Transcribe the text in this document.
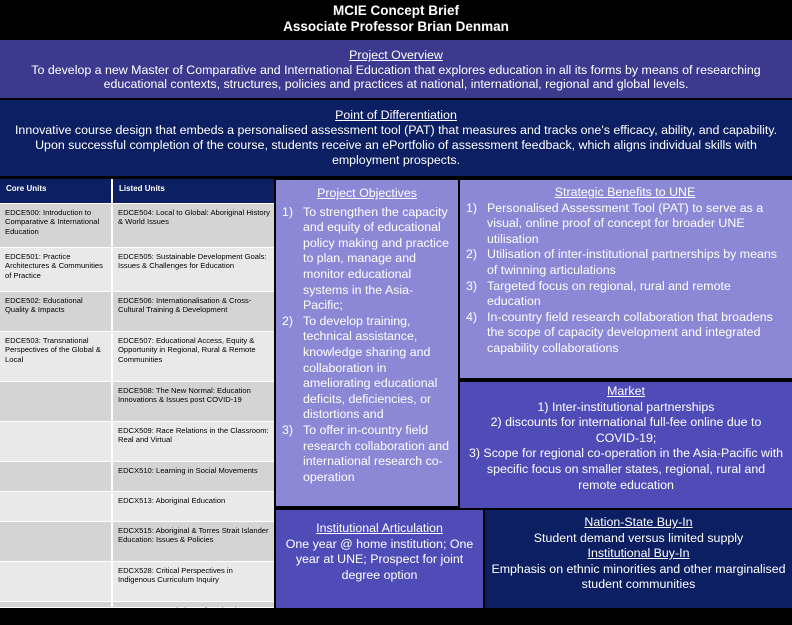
MCIE Concept Brief
Associate Professor Brian Denman
Project Overview
To develop a new Master of Comparative and International Education that explores education in all its forms by means of researching educational contexts, structures, policies and practices at national, international, regional and global levels.
Point of Differentiation
Innovative course design that embeds a personalised assessment tool (PAT) that measures and tracks one's efficacy, ability, and capability. Upon successful completion of the course, students receive an ePortfolio of assessment feedback, which aligns individual skills with employment prospects.
Core Units	Listed Units
EDCE500: Introduction to Comparative & International Education
EDCE504: Local to Global: Aboriginal History & World Issues
EDCE501: Practice Architectures & Communities of Practice
EDCE505: Sustainable Development Goals: Issues & Challenges for Education
EDCE502: Educational Quality & Impacts
EDCE506: Internationalisation & Cross-Cultural Training & Development
EDCE503: Transnational Perspectives of the Global & Local
EDCE507: Educational Access, Equity & Opportunity in Regional, Rural & Remote Communities
EDCE508: The New Normal: Education Innovations & Issues post COVID-19
EDCX509: Race Relations in the Classroom: Real and Virtual
EDCX510: Learning in Social Movements
EDCX513: Aboriginal Education
EDCX515: Aboriginal & Torres Strait Islander Education: Issues & Policies
EDCX528: Critical Perspectives in Indigenous Curriculum Inquiry
SOCY540: Foundations of Modernity: An Introduction to Social Theory
Project Objectives
1) To strengthen the capacity and equity of educational policy making and practice to plan, manage and monitor educational systems in the Asia-Pacific;
2) To develop training, technical assistance, knowledge sharing and collaboration in ameliorating educational deficits, deficiencies, or distortions and
3) To offer in-country field research collaboration and international research co-operation
Strategic Benefits to UNE
1) Personalised Assessment Tool (PAT) to serve as a visual, online proof of concept for broader UNE utilisation
2) Utilisation of inter-institutional partnerships by means of twinning articulations
3) Targeted focus on regional, rural and remote education
4) In-country field research collaboration that broadens the scope of capacity development and integrated capability collaborations
Market
1) Inter-institutional partnerships
2) discounts for international full-fee online due to COVID-19;
3) Scope for regional co-operation in the Asia-Pacific with specific focus on smaller states, regional, rural and remote education
Institutional Articulation
One year @ home institution; One year at UNE; Prospect for joint degree option
Nation-State Buy-In
Student demand versus limited supply
Institutional Buy-In
Emphasis on ethnic minorities and other marginalised student communities
